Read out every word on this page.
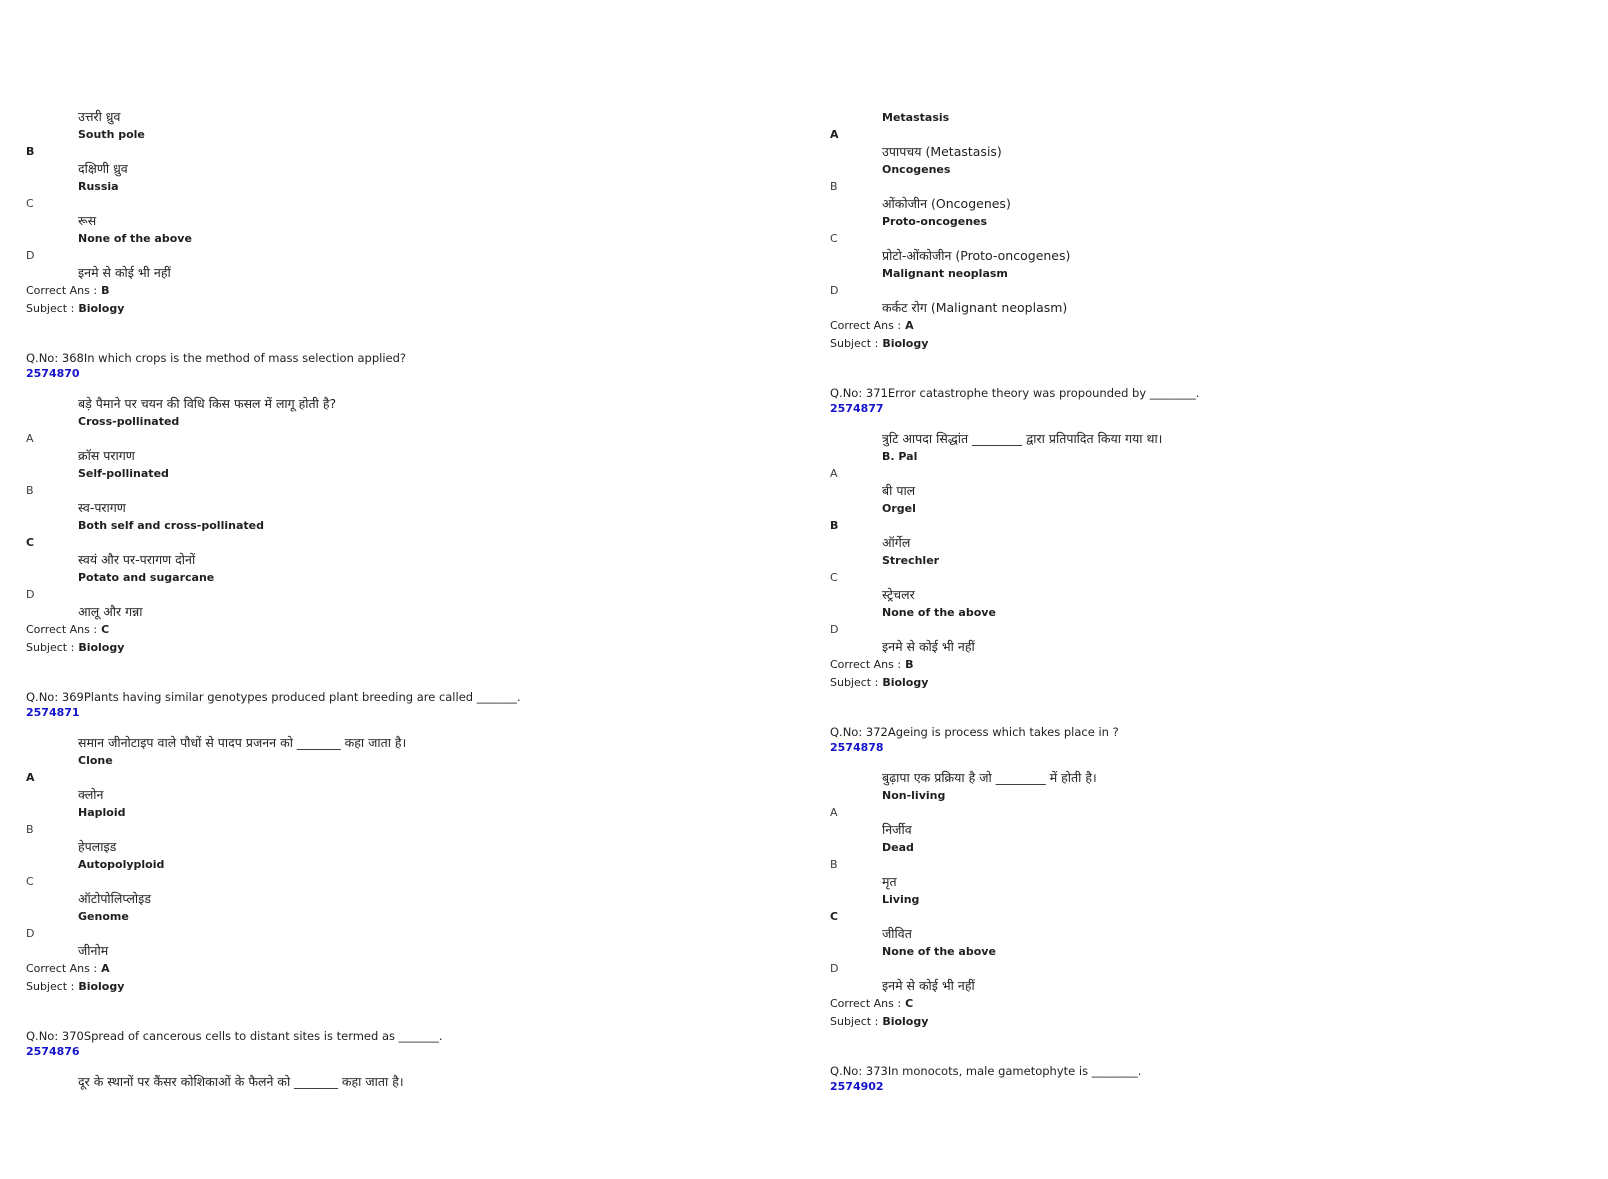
उत्तरी ध्रुव
South pole
B
दक्षिणी ध्रुव
Russia
C
रूस
None of the above
D
इनमे से कोई भी नहीं
Correct Ans : B
Subject : Biology
Q.No: 368 In which crops is the method of mass selection applied?
2574870
बड़े पैमाने पर चयन की विधि किस फसल में लागू होती है?
Cross-pollinated
A
क्रॉस परागण
Self-pollinated
B
स्व-परागण
Both self and cross-pollinated
C
स्वयं और पर-परागण दोनों
Potato and sugarcane
D
आलू और गन्ना
Correct Ans : C
Subject : Biology
Q.No: 369 Plants having similar genotypes produced plant breeding are called _______.
2574871
समान जीनोटाइप वाले पौधों से पादप प्रजनन को _______ कहा जाता है।
Clone
A
क्लोन
Haploid
B
हेपलाइड
Autopolyploid
C
ऑटोपोलिप्लोइड
Genome
D
जीनोम
Correct Ans : A
Subject : Biology
Q.No: 370 Spread of cancerous cells to distant sites is termed as _______.
2574876
दूर के स्थानों पर कैंसर कोशिकाओं के फैलने को _______ कहा जाता है।
Metastasis
A
उपापचय (Metastasis)
Oncogenes
B
ओंकोजीन (Oncogenes)
Proto-oncogenes
C
प्रोटो-ओंकोजीन (Proto-oncogenes)
Malignant neoplasm
D
कर्कट रोग (Malignant neoplasm)
Correct Ans : A
Subject : Biology
Q.No: 371 Error catastrophe theory was propounded by ________.
2574877
त्रुटि आपदा सिद्धांत ________ द्वारा प्रतिपादित किया गया था।
B. Pal
A
बी पाल
Orgel
B
ऑर्गेल
Strechler
C
स्ट्रेचलर
None of the above
D
इनमे से कोई भी नहीं
Correct Ans : B
Subject : Biology
Q.No: 372 Ageing is process which takes place in ?
2574878
बुढ़ापा एक प्रक्रिया है जो ________ में होती है।
Non-living
A
निर्जीव
Dead
B
मृत
Living
C
जीवित
None of the above
D
इनमे से कोई भी नहीं
Correct Ans : C
Subject : Biology
Q.No: 373 In monocots, male gametophyte is ________.
2574902
